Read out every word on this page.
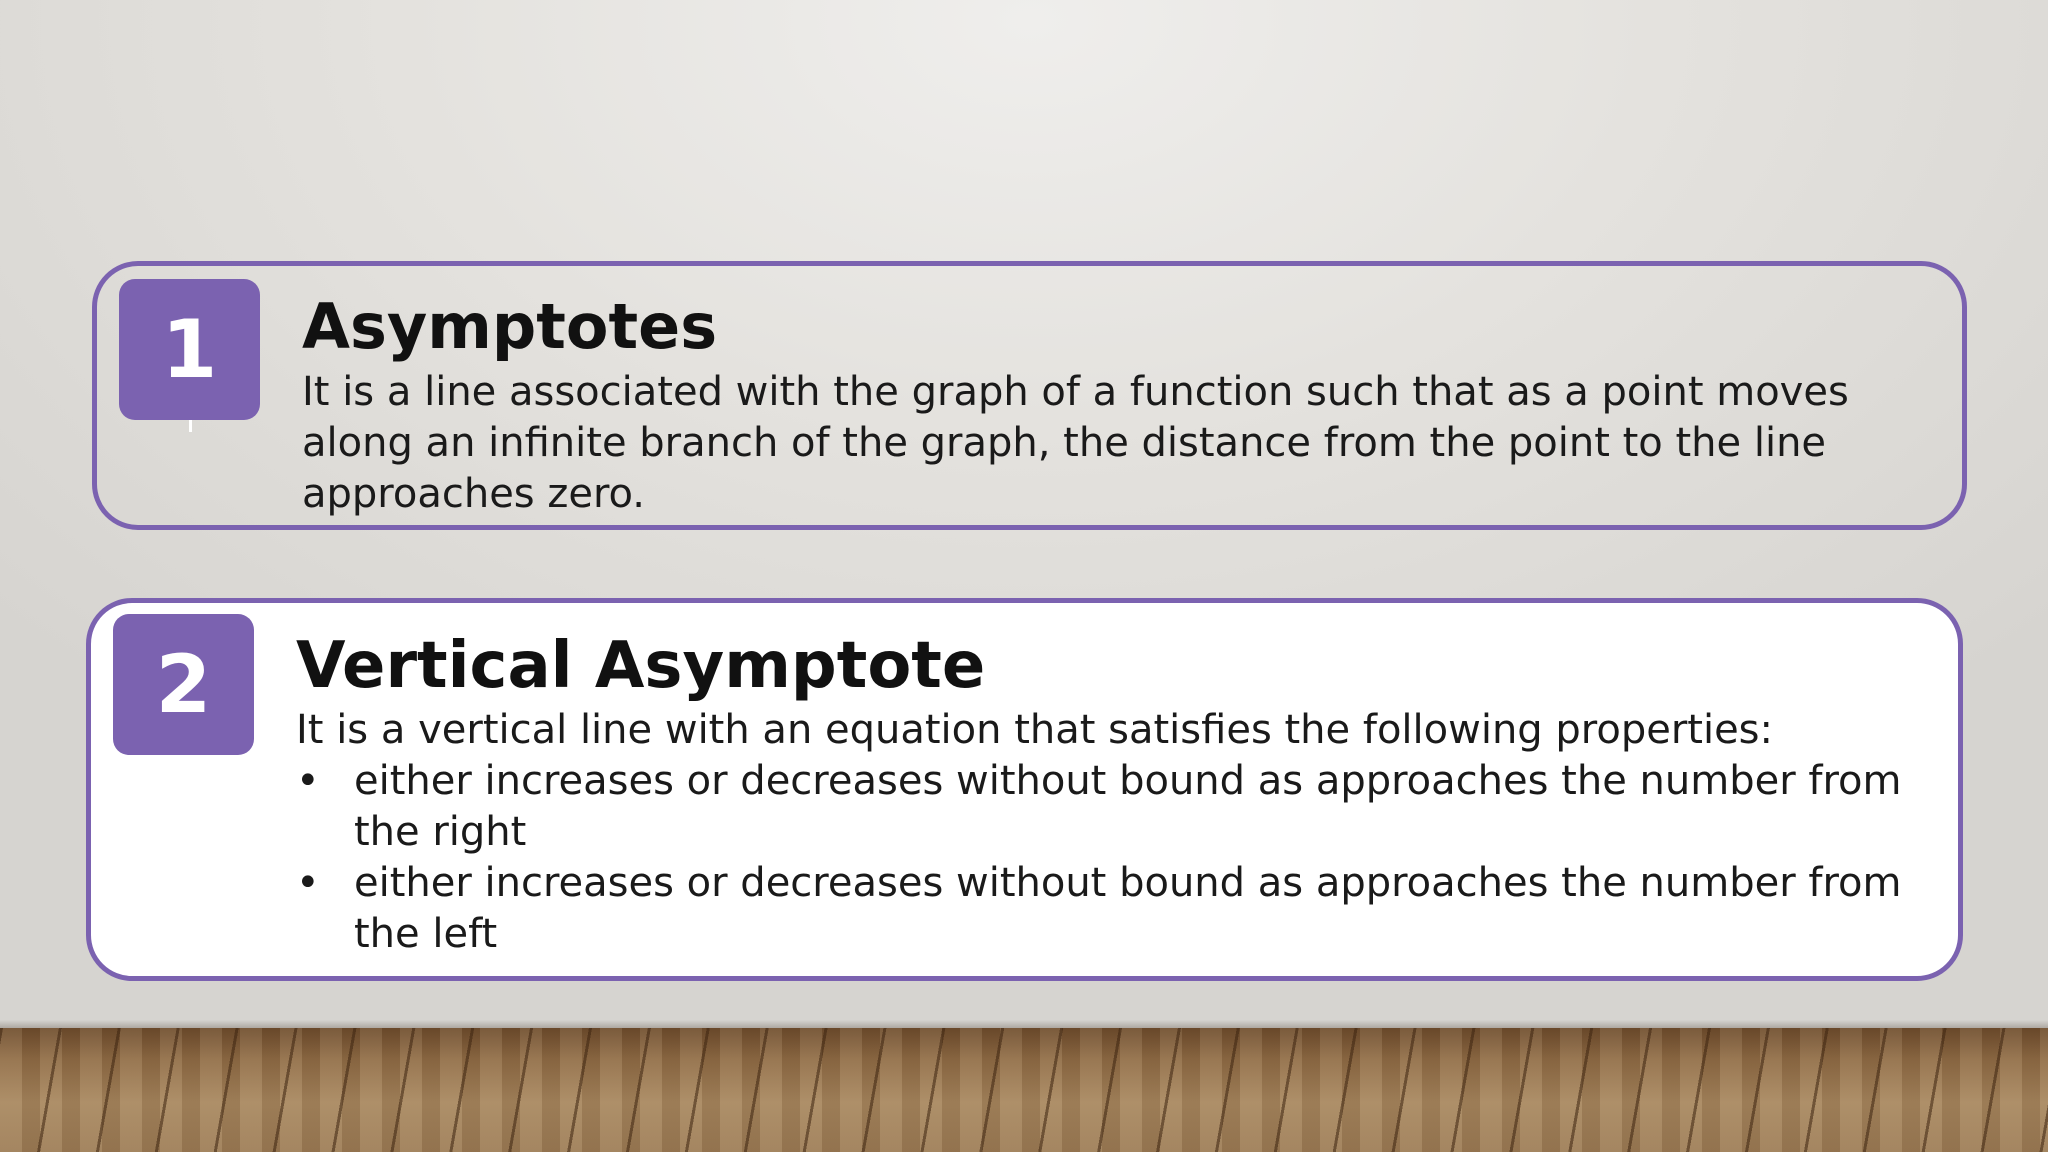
1 Asymptotes
It is a line associated with the graph of a function such that as a point moves along an infinite branch of the graph, the distance from the point to the line approaches zero.
2 Vertical Asymptote
It is a vertical line with an equation that satisfies the following properties:
• either increases or decreases without bound as approaches the number from the right
• either increases or decreases without bound as approaches the number from the left
